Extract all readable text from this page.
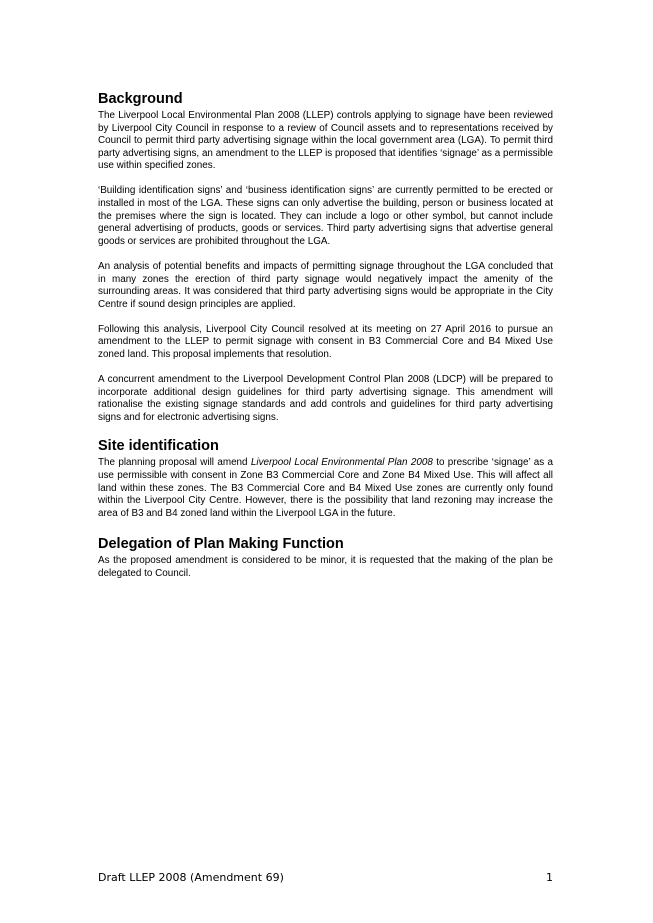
Background

The Liverpool Local Environmental Plan 2008 (LLEP) controls applying to signage have been reviewed by Liverpool City Council in response to a review of Council assets and to representations received by Council to permit third party advertising signage within the local government area (LGA). To permit third party advertising signs, an amendment to the LLEP is proposed that identifies ‘signage’ as a permissible use within specified zones.

‘Building identification signs’ and ‘business identification signs’ are currently permitted to be erected or installed in most of the LGA. These signs can only advertise the building, person or business located at the premises where the sign is located. They can include a logo or other symbol, but cannot include general advertising of products, goods or services. Third party advertising signs that advertise general goods or services are prohibited throughout the LGA.

An analysis of potential benefits and impacts of permitting signage throughout the LGA concluded that in many zones the erection of third party signage would negatively impact the amenity of the surrounding areas. It was considered that third party advertising signs would be appropriate in the City Centre if sound design principles are applied.

Following this analysis, Liverpool City Council resolved at its meeting on 27 April 2016 to pursue an amendment to the LLEP to permit signage with consent in B3 Commercial Core and B4 Mixed Use zoned land. This proposal implements that resolution.

A concurrent amendment to the Liverpool Development Control Plan 2008 (LDCP) will be prepared to incorporate additional design guidelines for third party advertising signage. This amendment will rationalise the existing signage standards and add controls and guidelines for third party advertising signs and for electronic advertising signs.

Site identification

The planning proposal will amend Liverpool Local Environmental Plan 2008 to prescribe ‘signage’ as a use permissible with consent in Zone B3 Commercial Core and Zone B4 Mixed Use. This will affect all land within these zones. The B3 Commercial Core and B4 Mixed Use zones are currently only found within the Liverpool City Centre. However, there is the possibility that land rezoning may increase the area of B3 and B4 zoned land within the Liverpool LGA in the future.

Delegation of Plan Making Function

As the proposed amendment is considered to be minor, it is requested that the making of the plan be delegated to Council.

Draft LLEP 2008 (Amendment 69)	1
